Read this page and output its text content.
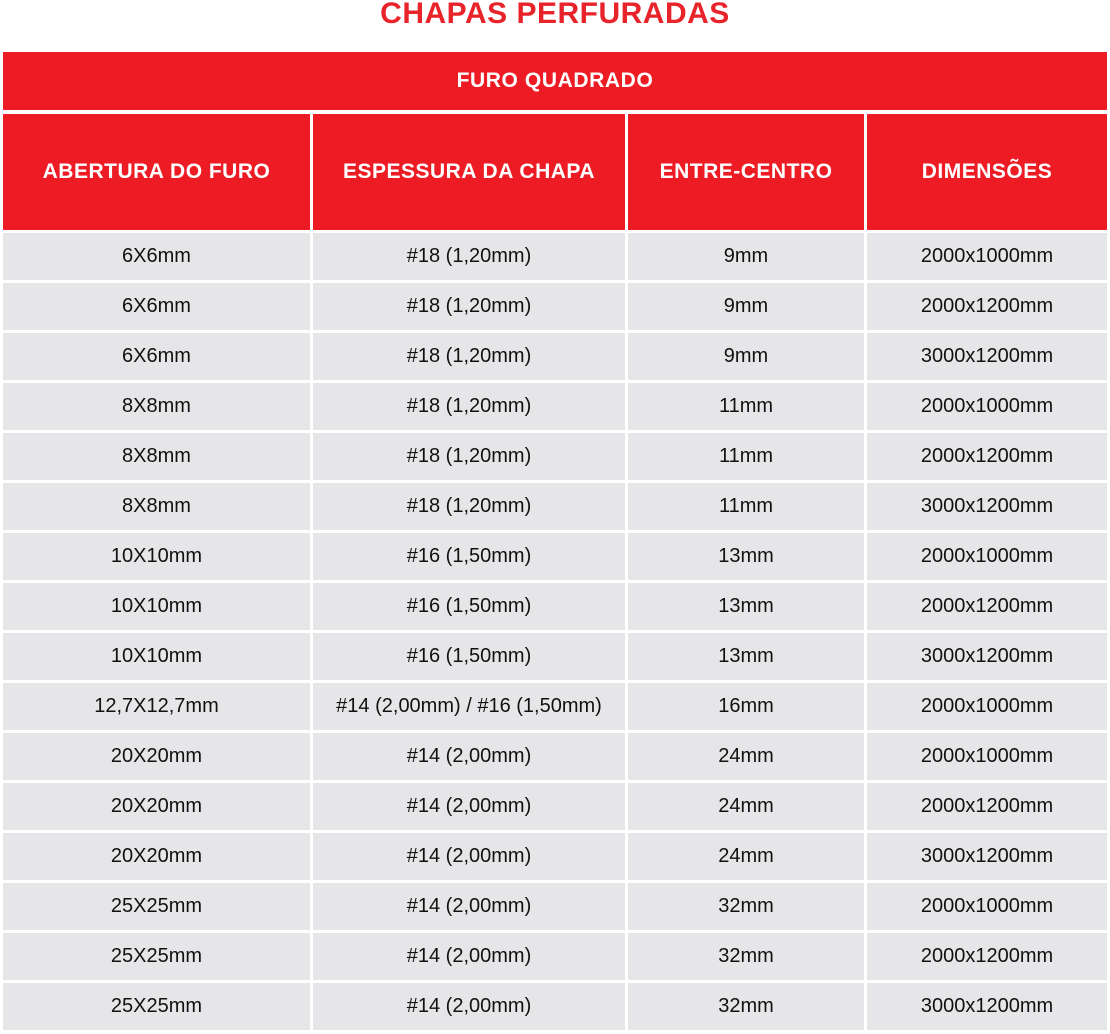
CHAPAS PERFURADAS
FURO QUADRADO
ABERTURA DO FURO	ESPESSURA DA CHAPA	ENTRE-CENTRO	DIMENSÕES
6X6mm	#18 (1,20mm)	9mm	2000x1000mm
6X6mm	#18 (1,20mm)	9mm	2000x1200mm
6X6mm	#18 (1,20mm)	9mm	3000x1200mm
8X8mm	#18 (1,20mm)	11mm	2000x1000mm
8X8mm	#18 (1,20mm)	11mm	2000x1200mm
8X8mm	#18 (1,20mm)	11mm	3000x1200mm
10X10mm	#16 (1,50mm)	13mm	2000x1000mm
10X10mm	#16 (1,50mm)	13mm	2000x1200mm
10X10mm	#16 (1,50mm)	13mm	3000x1200mm
12,7X12,7mm	#14 (2,00mm) / #16 (1,50mm)	16mm	2000x1000mm
20X20mm	#14 (2,00mm)	24mm	2000x1000mm
20X20mm	#14 (2,00mm)	24mm	2000x1200mm
20X20mm	#14 (2,00mm)	24mm	3000x1200mm
25X25mm	#14 (2,00mm)	32mm	2000x1000mm
25X25mm	#14 (2,00mm)	32mm	2000x1200mm
25X25mm	#14 (2,00mm)	32mm	3000x1200mm
